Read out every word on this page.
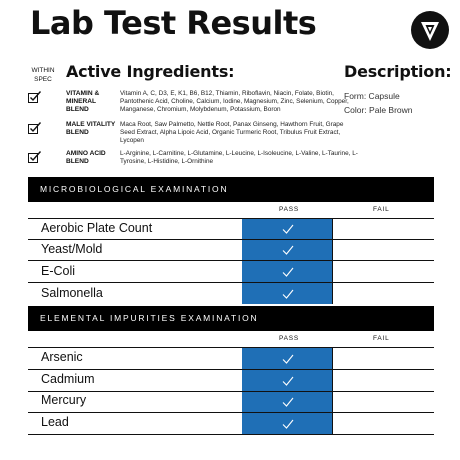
Lab Test Results
WITHIN SPEC Active Ingredients:
VITAMIN & MINERAL BLEND
Vitamin A, C, D3, E, K1, B6, B12, Thiamin, Riboflavin, Niacin, Folate, Biotin, Pantothenic Acid, Choline, Calcium, Iodine, Magnesium, Zinc, Selenium, Copper, Manganese, Chromium, Molybdenum, Potassium, Boron
MALE VITALITY BLEND
Maca Root, Saw Palmetto, Nettle Root, Panax Ginseng, Hawthorn Fruit, Grape Seed Extract, Alpha Lipoic Acid, Organic Turmeric Root, Tribulus Fruit Extract, Lycopen
AMINO ACID BLEND
L-Arginine, L-Carnitine, L-Glutamine, L-Leucine, L-Isoleucine, L-Valine, L-Taurine, L-Tyrosine, L-Histidine, L-Ornithine
Description:
Form: Capsule
Color: Pale Brown
MICROBIOLOGICAL EXAMINATION
PASS	FAIL
Aerobic Plate Count
Yeast/Mold
E-Coli
Salmonella
ELEMENTAL IMPURITIES EXAMINATION
PASS	FAIL
Arsenic
Cadmium
Mercury
Lead
